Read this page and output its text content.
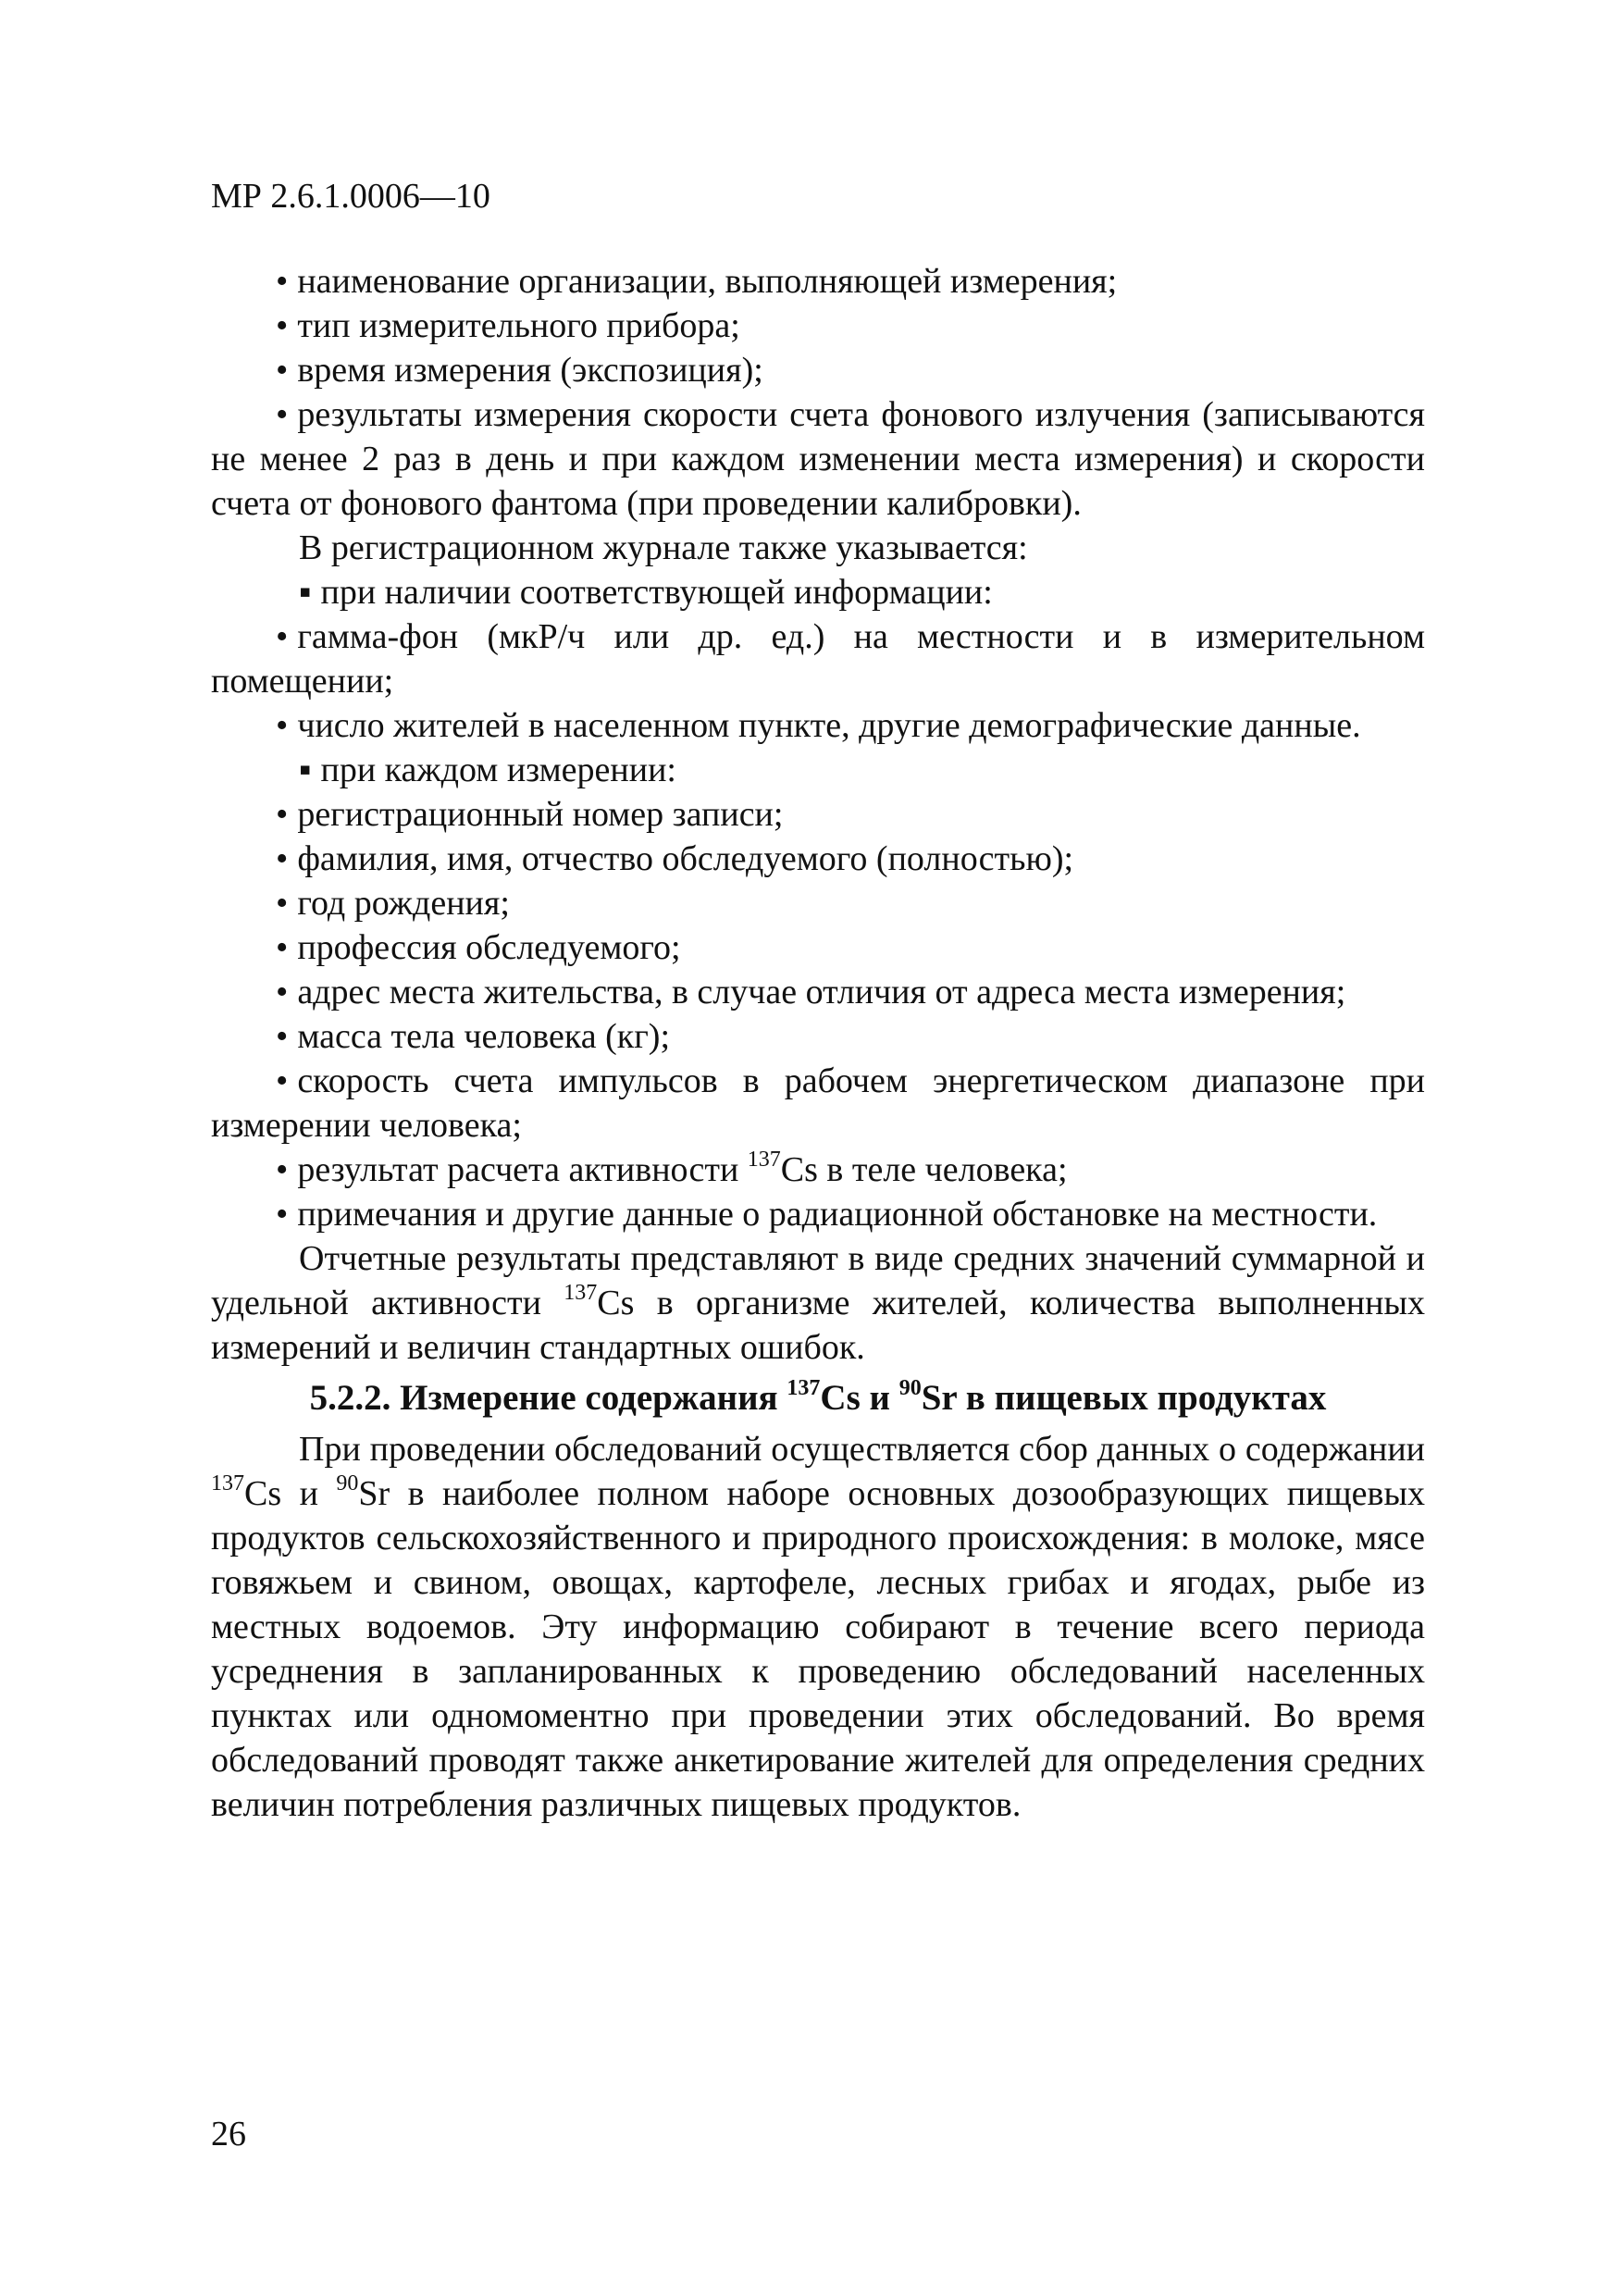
МР 2.6.1.0006—10

• наименование организации, выполняющей измерения;

• тип измерительного прибора;

• время измерения (экспозиция);

• результаты измерения скорости счета фонового излучения (записываются не менее 2 раз в день и при каждом изменении места измерения) и скорости счета от фонового фантома (при проведении калибровки).

В регистрационном журнале также указывается:

▪ при наличии соответствующей информации:

• гамма-фон (мкР/ч или др. ед.) на местности и в измерительном помещении;

• число жителей в населенном пункте, другие демографические данные.

▪ при каждом измерении:

• регистрационный номер записи;

• фамилия, имя, отчество обследуемого (полностью);

• год рождения;

• профессия обследуемого;

• адрес места жительства, в случае отличия от адреса места измерения;

• масса тела человека (кг);

• скорость счета импульсов в рабочем энергетическом диапазоне при измерении человека;

• результат расчета активности $^{137}$Cs в теле человека;

• примечания и другие данные о радиационной обстановке на местности.

Отчетные результаты представляют в виде средних значений суммарной и удельной активности $^{137}$Cs в организме жителей, количества выполненных измерений и величин стандартных ошибок.

5.2.2. Измерение содержания $^{137}$Cs и $^{90}$Sr в пищевых продуктах

При проведении обследований осуществляется сбор данных о содержании $^{137}$Cs и $^{90}$Sr в наиболее полном наборе основных дозообразующих пищевых продуктов сельскохозяйственного и природного происхождения: в молоке, мясе говяжьем и свином, овощах, картофеле, лесных грибах и ягодах, рыбе из местных водоемов. Эту информацию собирают в течение всего периода усреднения в запланированных к проведению обследований населенных пунктах или одномоментно при проведении этих обследований. Во время обследований проводят также анкетирование жителей для определения средних величин потребления различных пищевых продуктов.

26
